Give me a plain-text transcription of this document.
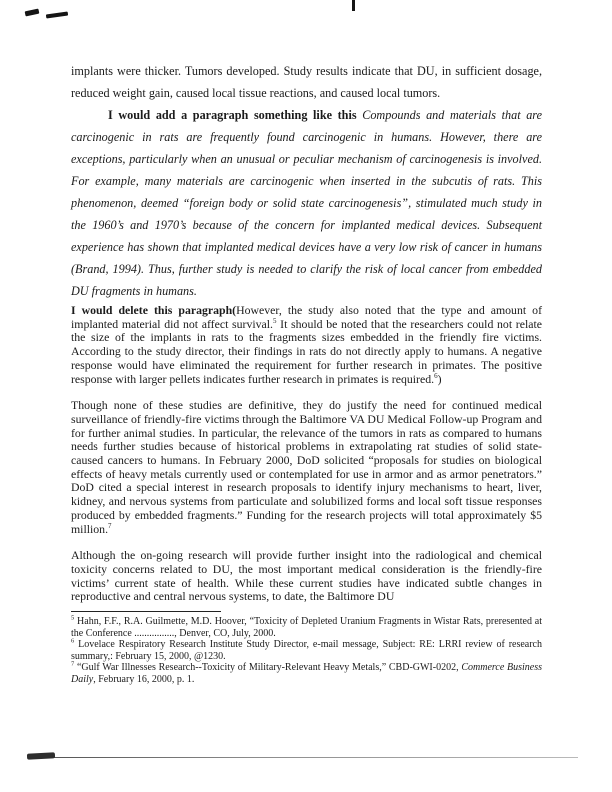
implants were thicker. Tumors developed. Study results indicate that DU, in sufficient dosage, reduced weight gain, caused local tissue reactions, and caused local tumors.

I would add a paragraph something like this Compounds and materials that are carcinogenic in rats are frequently found carcinogenic in humans. However, there are exceptions, particularly when an unusual or peculiar mechanism of carcinogenesis is involved. For example, many materials are carcinogenic when inserted in the subcutis of rats. This phenomenon, deemed “foreign body or solid state carcinogenesis”, stimulated much study in the 1960’s and 1970’s because of the concern for implanted medical devices. Subsequent experience has shown that implanted medical devices have a very low risk of cancer in humans (Brand, 1994). Thus, further study is needed to clarify the risk of local cancer from embedded DU fragments in humans.

I would delete this paragraph(However, the study also noted that the type and amount of implanted material did not affect survival.$^5$ It should be noted that the researchers could not relate the size of the implants in rats to the fragments sizes embedded in the friendly fire victims. According to the study director, their findings in rats do not directly apply to humans. A negative response would have eliminated the requirement for further research in primates. The positive response with larger pellets indicates further research in primates is required.$^6$)

Though none of these studies are definitive, they do justify the need for continued medical surveillance of friendly-fire victims through the Baltimore VA DU Medical Follow-up Program and for further animal studies. In particular, the relevance of the tumors in rats as compared to humans needs further studies because of historical problems in extrapolating rat studies of solid state-caused cancers to humans. In February 2000, DoD solicited “proposals for studies on biological effects of heavy metals currently used or contemplated for use in armor and as armor penetrators.” DoD cited a special interest in research proposals to identify injury mechanisms to heart, liver, kidney, and nervous systems from particulate and solubilized forms and local soft tissue responses produced by embedded fragments.” Funding for the research projects will total approximately $5 million.$^7$

Although the on-going research will provide further insight into the radiological and chemical toxicity concerns related to DU, the most important medical consideration is the friendly-fire victims’ current state of health. While these current studies have indicated subtle changes in reproductive and central nervous systems, to date, the Baltimore DU

$^5$ Hahn, F.F., R.A. Guilmette, M.D. Hoover, “Toxicity of Depleted Uranium Fragments in Wistar Rats, preresented at the Conference ................, Denver, CO, July, 2000.
$^6$ Lovelace Respiratory Research Institute Study Director, e-mail message, Subject: RE: LRRI review of research summary,: February 15, 2000, @1230.
$^7$ “Gulf War Illnesses Research--Toxicity of Military-Relevant Heavy Metals,” CBD-GWI-0202, Commerce Business Daily, February 16, 2000, p. 1.
